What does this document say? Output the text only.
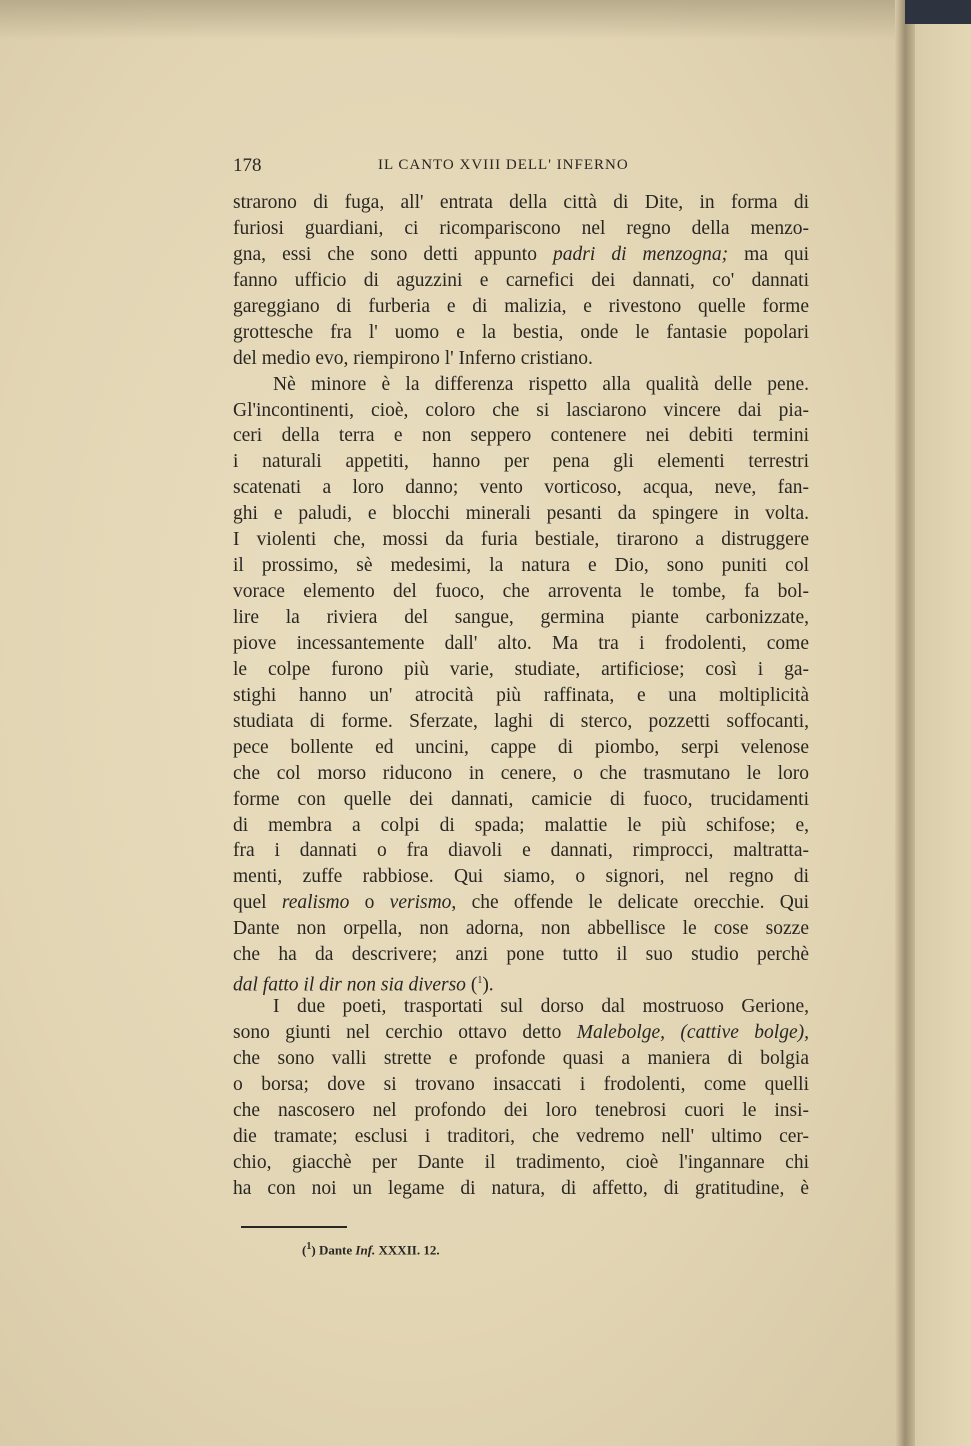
178	IL CANTO XVIII DELL' INFERNO
strarono di fuga, all' entrata della città di Dite, in forma di
furiosi guardiani, ci ricompariscono nel regno della menzo-
gna, essi che sono detti appunto padri di menzogna; ma qui
fanno ufficio di aguzzini e carnefici dei dannati, co' dannati
gareggiano di furberia e di malizia, e rivestono quelle forme
grottesche fra l' uomo e la bestia, onde le fantasie popolari
del medio evo, riempirono l' Inferno cristiano.
Nè minore è la differenza rispetto alla qualità delle pene.
Gl'incontinenti, cioè, coloro che si lasciarono vincere dai pia-
ceri della terra e non seppero contenere nei debiti termini
i naturali appetiti, hanno per pena gli elementi terrestri
scatenati a loro danno; vento vorticoso, acqua, neve, fan-
ghi e paludi, e blocchi minerali pesanti da spingere in volta.
I violenti che, mossi da furia bestiale, tirarono a distruggere
il prossimo, sè medesimi, la natura e Dio, sono puniti col
vorace elemento del fuoco, che arroventa le tombe, fa bol-
lire la riviera del sangue, germina piante carbonizzate,
piove incessantemente dall' alto. Ma tra i frodolenti, come
le colpe furono più varie, studiate, artificiose; così i ga-
stighi hanno un' atrocità più raffinata, e una moltiplicità
studiata di forme. Sferzate, laghi di sterco, pozzetti soffocanti,
pece bollente ed uncini, cappe di piombo, serpi velenose
che col morso riducono in cenere, o che trasmutano le loro
forme con quelle dei dannati, camicie di fuoco, trucidamenti
di membra a colpi di spada; malattie le più schifose; e,
fra i dannati o fra diavoli e dannati, rimprocci, maltratta-
menti, zuffe rabbiose. Qui siamo, o signori, nel regno di
quel realismo o verismo, che offende le delicate orecchie. Qui
Dante non orpella, non adorna, non abbellisce le cose sozze
che ha da descrivere; anzi pone tutto il suo studio perchè
dal fatto il dir non sia diverso ($^1$).
I due poeti, trasportati sul dorso dal mostruoso Gerione,
sono giunti nel cerchio ottavo detto Malebolge, (cattive bolge),
che sono valli strette e profonde quasi a maniera di bolgia
o borsa; dove si trovano insaccati i frodolenti, come quelli
che nascosero nel profondo dei loro tenebrosi cuori le insi-
die tramate; esclusi i traditori, che vedremo nell' ultimo cer-
chio, giacchè per Dante il tradimento, cioè l'ingannare chi
ha con noi un legame di natura, di affetto, di gratitudine, è
($^1$) Dante Inf. XXXII. 12.
